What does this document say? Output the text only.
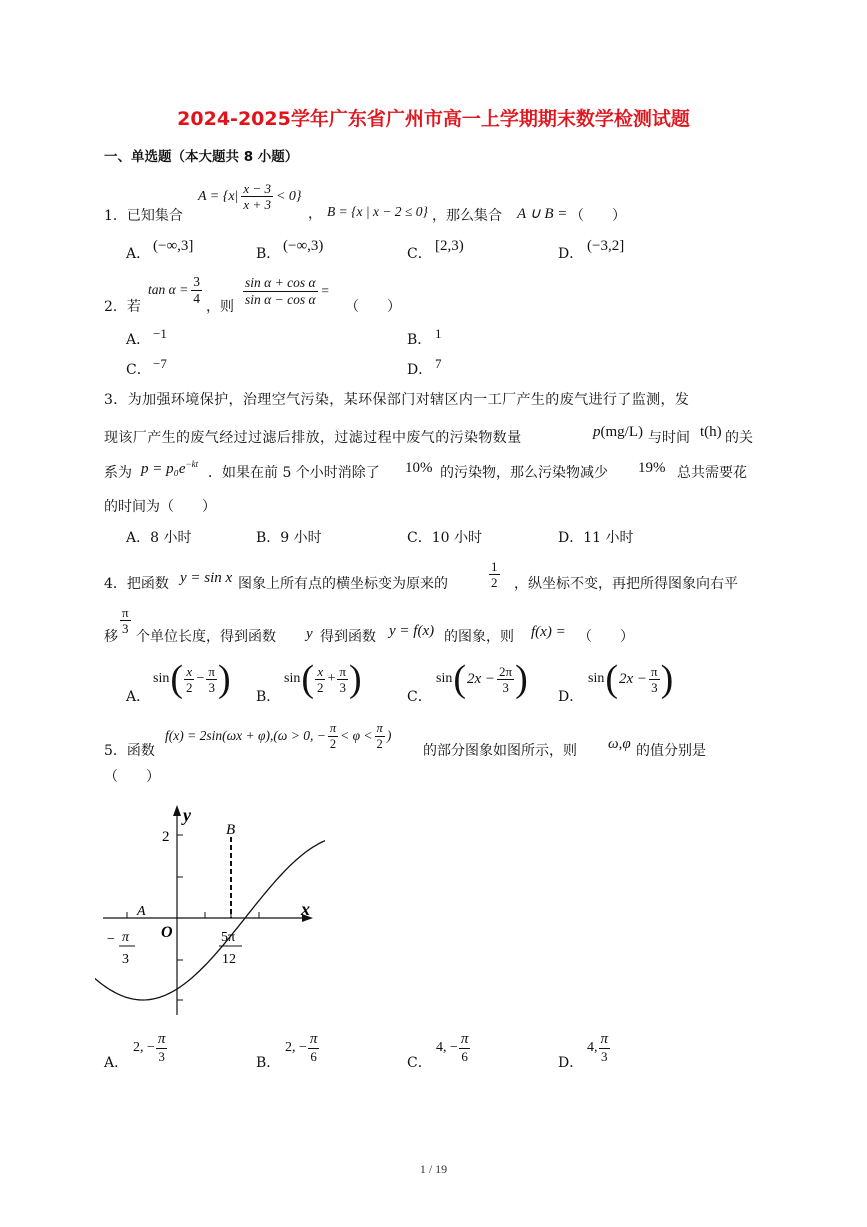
2024-2025学年广东省广州市高一上学期期末数学检测试题
一、单选题（本大题共 8 小题）
1．已知集合
$A = \{x| \frac{x - 3}{x + 3} < 0\}$
， B = {x | x − 2 ≤ 0} ，那么集合 A ∪ B = （　　）
A． (−∞,3]	B． (−∞,3)	C． [2,3)	D． (−3,2]
2．若
$\tan \alpha = \frac{3}{4}$
，则
$\frac{\text{sin α + cos α}}{\text{sin α − cos α}}$ =
（　　）
A． −1	B． 1
C． −7	D． 7
3．为加强环境保护，治理空气污染，某环保部门对辖区内一工厂产生的废气进行了监测，发
现该厂产生的废气经过过滤后排放，过滤过程中废气的污染物数量	p(mg/L) 与时间 t(h) 的关
系为 $p = p_0e^{-kt}$
．如果在前 5 个小时消除了 10% 的污染物，那么污染物减少 19% 总共需要花
的时间为（　　）
A．8 小时	B．9 小时	C．10 小时	D．11 小时
4．把函数 y = sin x 图象上所有点的横坐标变为原来的	$\frac{1}{2}$ ，纵坐标不变，再把所得图象向右平
移
$\frac{\pi}{3}$
个单位长度，得到函数 y 得到函数 y = f(x) 的图象，则 f(x) = （　　）
A．
sin ( $\frac{x}{2} - \frac{\pi}{3}$ ) B．
sin ( $\frac{x}{2} + \frac{\pi}{3}$ )	C．
sin ( $2x - \frac{2\pi}{3}$ ) D．
sin ( $2x - \frac{\pi}{3}$ )
5．函数
f(x) = 2sin(ωx + φ),(ω > 0, − $\frac{\pi}{2} < \varphi < \frac{\pi}{2}$ )
的部分图象如图所示，则 ω,φ 的值分别是
（　　）
y
x
O
2
A
B
− π
3
5π
12
A．
2, − $\frac{\pi}{3}$	B．
2, − $\frac{\pi}{6}$	C．
4, − $\frac{\pi}{6}$	D．
4, $\frac{\pi}{3}$
1 / 19
